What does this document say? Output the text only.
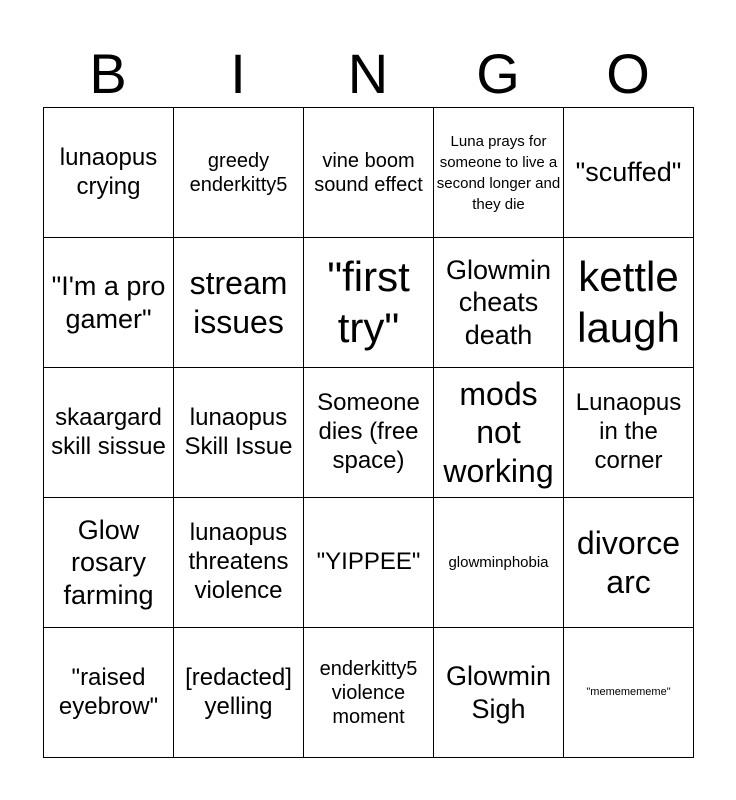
B	I	N	G	O
lunaopus crying	greedy enderkitty5	vine boom sound effect	Luna prays for someone to live a second longer and they die	"scuffed"

"I'm a pro gamer"	stream issues	"first try"	Glowmin cheats death	kettle laugh

skaargard skill sissue	lunaopus Skill Issue	Someone dies (free space)	mods not working	Lunaopus in the corner

Glow rosary farming	lunaopus threatens violence	"YIPPEE"	glowminphobia	divorce arc

"raised eyebrow"	[redacted] yelling	enderkitty5 violence moment	Glowmin Sigh	"mememememe"
